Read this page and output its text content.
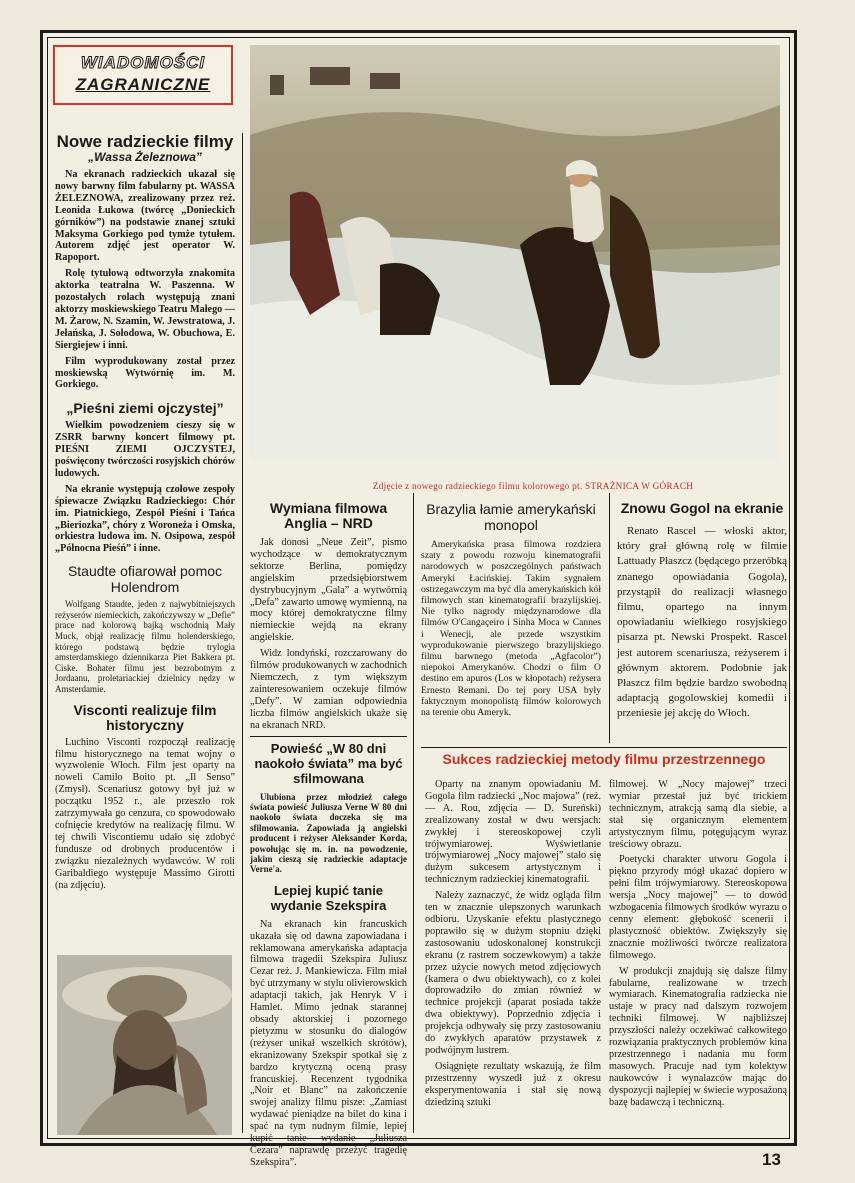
WIADOMOŚCI
ZAGRANICZNE
Zdjęcie z nowego radzieckiego filmu kolorowego pt. STRAŻNICA W GÓRACH
Nowe radzieckie filmy
„Wassa Żeleznowa”

Na ekranach radzieckich ukazał się nowy barwny film fabularny pt. WASSA ŻELEZNOWA, zrealizowany przez reż. Leonida Łukowa (twórcę „Donieckich górników”) na podstawie znanej sztuki Maksyma Gorkiego pod tymże tytułem. Autorem zdjęć jest operator W. Rapoport.

Rolę tytułową odtworzyła znakomita aktorka teatralna W. Paszenna. W pozostałych rolach występują znani aktorzy moskiewskiego Teatru Małego — M. Żarow, N. Szamin, W. Jewstratowa, J. Jełańska, J. Sołodowa, W. Obuchowa, E. Siergiejew i inni.

Film wyprodukowany został przez moskiewską Wytwórnię im. M. Gorkiego.

„Pieśni ziemi ojczystej”

Wielkim powodzeniem cieszy się w ZSRR barwny koncert filmowy pt. PIEŚNI ZIEMI OJCZYSTEJ, poświęcony twórczości rosyjskich chórów ludowych.

Na ekranie występują czołowe zespoły śpiewacze Związku Radzieckiego: Chór im. Piatnickiego, Zespół Pieśni i Tańca „Bieriozka”, chóry z Woroneża i Omska, orkiestra ludowa im. N. Osipowa, zespół „Północna Pieśń” i inne.

Staudte ofiarował pomoc Holendrom

Wolfgang Staudte, jeden z najwybitniejszych reżyserów niemieckich, zakończywszy w „Defie” prace nad kolorową bajką wschodnią Mały Muck, objął realizację filmu holenderskiego, którego podstawą będzie trylogia amsterdamskiego dziennikarza Piet Bakkera pt. Ciske. Bohater filmu jest bezrobotnym z Jordaanu, proletariackiej dzielnicy nędzy w Amsterdamie.

Visconti realizuje film historyczny

Luchino Visconti rozpoczął realizację filmu historycznego na temat wojny o wyzwolenie Włoch. Film jest oparty na noweli Camilo Boito pt. „Il Senso” (Zmysł). Scenariusz gotowy był już w początku 1952 r., ale przeszło rok zatrzymywała go cenzura, co spowodowało cofnięcie kredytów na realizację filmu. W tej chwili Viscontiemu udało się zdobyć fundusze od drobnych producentów i związku niezależnych wydawców. W roli Garibaldiego występuje Massimo Girotti (na zdjęciu).

Wymiana filmowa Anglia – NRD

Jak donosi „Neue Zeit”, pismo wychodzące w demokratycznym sektorze Berlina, pomiędzy angielskim przedsiębiorstwem dystrybucyjnym „Gala” a wytwórnią „Defa” zawarto umowę wymienną, na mocy której demokratyczne filmy niemieckie wejdą na ekrany angielskie.

Widz londyński, rozczarowany do filmów produkowanych w zachodnich Niemczech, z tym większym zainteresowaniem oczekuje filmów „Defy”. W zamian odpowiednia liczba filmów angielskich ukaże się na ekranach NRD.

Powieść „W 80 dni naokoło świata” ma być sfilmowana

Ulubiona przez młodzież całego świata powieść Juliusza Verne W 80 dni naokoło świata doczeka się ma sfilmowania. Zapowiada ją angielski producent i reżyser Aleksander Korda, powołując się m. in. na powodzenie, jakim cieszą się radzieckie adaptacje Verne'a.

Lepiej kupić tanie wydanie Szekspira

Na ekranach kin francuskich ukazała się od dawna zapowiadana i reklamowana amerykańska adaptacja filmowa tragedii Szekspira Juliusz Cezar reż. J. Mankiewicza. Film miał być utrzymany w stylu olivierowskich adaptacji takich, jak Henryk V i Hamlet. Mimo jednak starannej obsady aktorskiej i pozornego pietyzmu w stosunku do dialogów (reżyser unikał wszelkich skrótów), ekranizowany Szekspir spotkał się z bardzo krytyczną oceną prasy francuskiej. Recenzent tygodnika „Noir et Blanc” na zakończenie swojej analizy filmu pisze: „Zamiast wydawać pieniądze na bilet do kina i spać na tym nudnym filmie, lepiej kupić tanie wydanie „Juliusza Cezara” naprawdę przeżyć tragedię Szekspira”.

Brazylia łamie amerykański monopol

Amerykańska prasa filmowa rozdziera szaty z powodu rozwoju kinematografii narodowych w poszczególnych państwach Ameryki Łacińskiej. Takim sygnałem ostrzegawczym ma być dla amerykańskich kół filmowych stan kinematografii brazylijskiej. Nie tylko nagrody międzynarodowe dla filmów O'Cangaçeiro i Sinha Moca w Cannes i Wenecji, ale przede wszystkim wyprodukowanie pierwszego brazylijskiego filmu barwnego (metoda „Agfacolor”) niepokoi Amerykanów. Chodzi o film O destino em apuros (Los w kłopotach) reżysera Ernesto Remani. Do tej pory USA były faktycznym monopolistą filmów kolorowych na terenie obu Ameryk.

Znowu Gogol na ekranie

Renato Rascel — włoski aktor, który grał główną rolę w filmie Lattuady Płaszcz (będącego przeróbką znanego opowiadania Gogola), przystąpił do realizacji własnego filmu, opartego na innym opowiadaniu wielkiego rosyjskiego pisarza pt. Newski Prospekt. Rascel jest autorem scenariusza, reżyserem i głównym aktorem. Podobnie jak Płaszcz film będzie bardzo swobodną adaptacją gogolowskiej komedii i przeniesie jej akcję do Włoch.

Sukces radzieckiej metody filmu przestrzennego

Oparty na znanym opowiadaniu M. Gogola film radziecki „Noc majowa” (reż. — A. Rou, zdjęcia — D. Sureński) zrealizowany został w dwu wersjach: zwykłej i stereoskopowej czyli trójwymiarowej. Wyświetlanie trójwymiarowej „Nocy majowej” stało się dużym sukcesem artystycznym i technicznym radzieckiej kinematografii.

Należy zaznaczyć, że widz ogląda film ten w znacznie ulepszonych warunkach odbioru. Uzyskanie efektu plastycznego poprawiło się w dużym stopniu dzięki zastosowaniu udoskonalonej konstrukcji ekranu (z rastrem soczewkowym) a także przez użycie nowych metod zdjęciowych (kamera o dwu obiektywach), co z kolei doprowadziło do zmian również w technice projekcji (aparat posiada także dwa obiektywy). Poprzednio zdjęcia i projekcja odbywały się przy zastosowaniu do zwykłych aparatów przystawek z podwójnym lustrem.

Osiągnięte rezultaty wskazują, że film przestrzenny wyszedł już z okresu eksperymentowania i stał się nową dziedziną sztuki

filmowej. W „Nocy majowej” trzeci wymiar przestał już być trickiem technicznym, atrakcją samą dla siebie, a stał się organicznym elementem artystycznym filmu, potęgującym wyraz treściowy obrazu.

Poetycki charakter utworu Gogola i piękno przyrody mógł ukazać dopiero w pełni film trójwymiarowy. Stereoskopowa wersja „Nocy majowej” — to dowód wzbogacenia filmowych środków wyrazu o cenny element: głębokość scenerii i plastyczność obiektów. Zwiększyły się znacznie możliwości twórcze realizatora filmowego.

W produkcji znajdują się dalsze filmy fabularne, realizowane w trzech wymiarach. Kinematografia radziecka nie ustaje w pracy nad dalszym rozwojem techniki filmowej. W najbliższej przyszłości należy oczekiwać całkowitego rozwiązania praktycznych problemów kina przestrzennego i nadania mu form masowych. Pracuje nad tym kolektyw naukowców i wynalazców mając do dyspozycji najlepiej w świecie wyposażoną bazę badawczą i techniczną.

13
